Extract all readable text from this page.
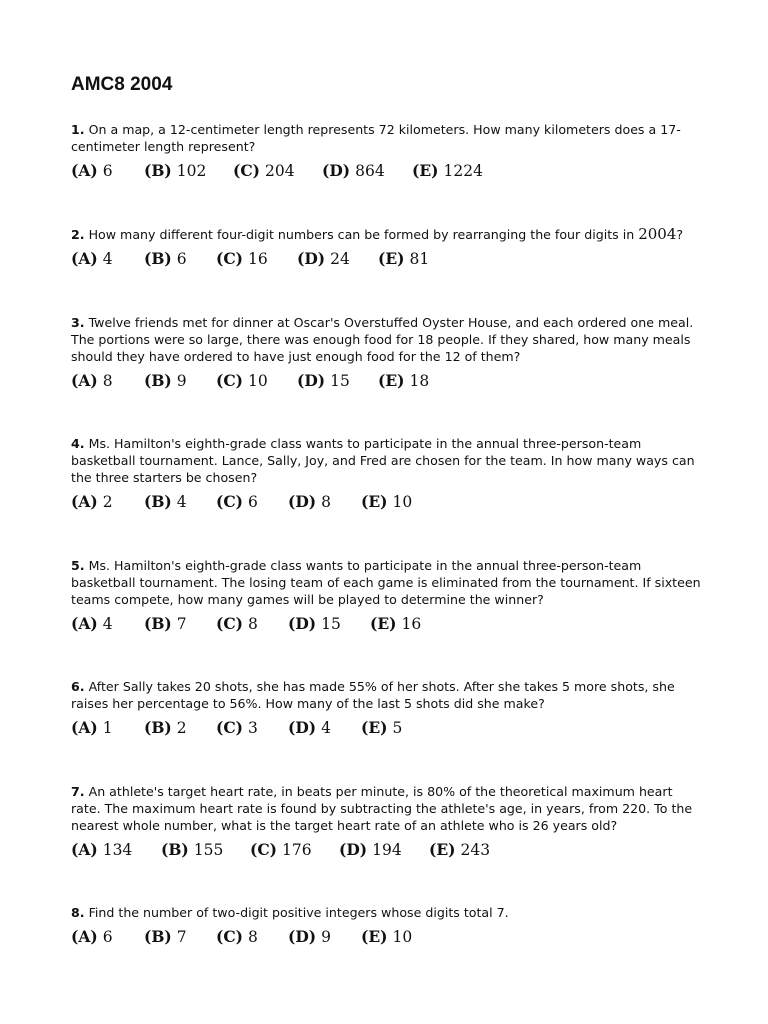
AMC8 2004

1. On a map, a 12-centimeter length represents 72 kilometers. How many kilometers does a 17-centimeter length represent?

(A) 6	(B) 102	(C) 204	(D) 864	(E) 1224

2. How many different four-digit numbers can be formed by rearranging the four digits in 2004?

(A) 4	(B) 6	(C) 16	(D) 24	(E) 81

3. Twelve friends met for dinner at Oscar's Overstuffed Oyster House, and each ordered one meal. The portions were so large, there was enough food for 18 people. If they shared, how many meals should they have ordered to have just enough food for the 12 of them?

(A) 8	(B) 9	(C) 10	(D) 15	(E) 18

4. Ms. Hamilton's eighth-grade class wants to participate in the annual three-person-team basketball tournament. Lance, Sally, Joy, and Fred are chosen for the team. In how many ways can the three starters be chosen?

(A) 2	(B) 4	(C) 6	(D) 8	(E) 10

5. Ms. Hamilton's eighth-grade class wants to participate in the annual three-person-team basketball tournament. The losing team of each game is eliminated from the tournament. If sixteen teams compete, how many games will be played to determine the winner?

(A) 4	(B) 7	(C) 8	(D) 15	(E) 16

6. After Sally takes 20 shots, she has made 55% of her shots. After she takes 5 more shots, she raises her percentage to 56%. How many of the last 5 shots did she make?

(A) 1	(B) 2	(C) 3	(D) 4	(E) 5

7. An athlete's target heart rate, in beats per minute, is 80% of the theoretical maximum heart rate. The maximum heart rate is found by subtracting the athlete's age, in years, from 220. To the nearest whole number, what is the target heart rate of an athlete who is 26 years old?

(A) 134	(B) 155	(C) 176	(D) 194	(E) 243

8. Find the number of two-digit positive integers whose digits total 7.

(A) 6	(B) 7	(C) 8	(D) 9	(E) 10
